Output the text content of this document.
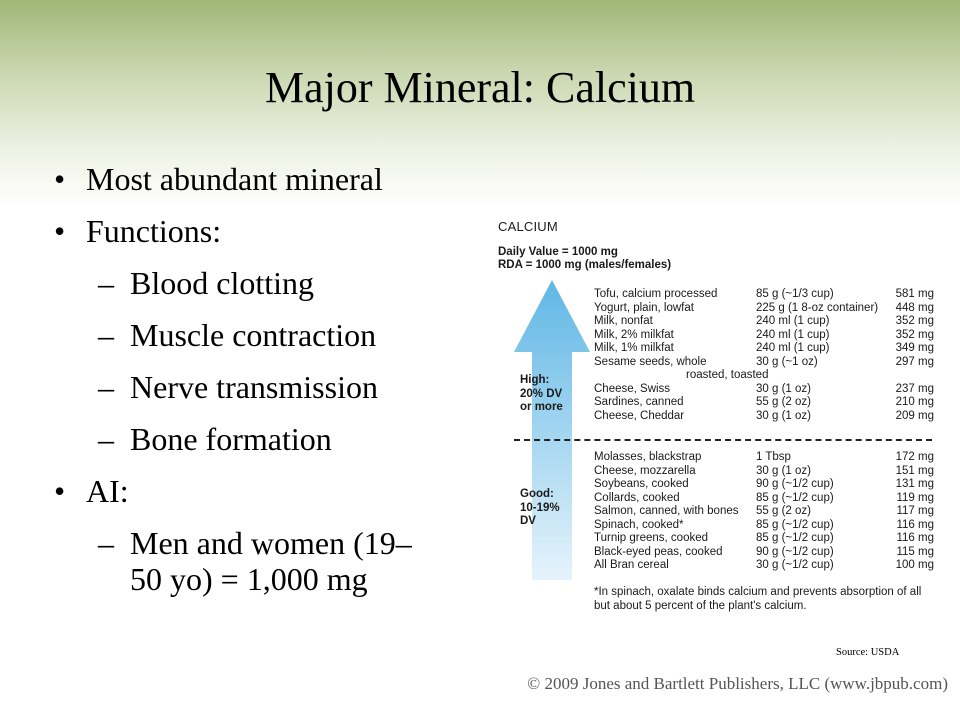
Major Mineral: Calcium
• Most abundant mineral
• Functions:
– Blood clotting
– Muscle contraction
– Nerve transmission
– Bone formation
• AI:
– Men and women (19–
50 yo) = 1,000 mg
CALCIUM
Daily Value = 1000 mg
RDA = 1000 mg (males/females)
High:
20% DV
or more
Good:
10-19%
DV
Tofu, calcium processed	85 g (~1/3 cup)	581 mg
Yogurt, plain, lowfat	225 g (1 8-oz container) 448 mg
Milk, nonfat	240 ml (1 cup)	352 mg
Milk, 2% milkfat	240 ml (1 cup)	352 mg
Milk, 1% milkfat	240 ml (1 cup)	349 mg
Sesame seeds, whole	30 g (~1 oz)	297 mg
roasted, toasted
Cheese, Swiss	30 g (1 oz)	237 mg
Sardines, canned	55 g (2 oz)	210 mg
Cheese, Cheddar	30 g (1 oz)	209 mg
Molasses, blackstrap	1 Tbsp	172 mg
Cheese, mozzarella	30 g (1 oz)	151 mg
Soybeans, cooked	90 g (~1/2 cup)	131 mg
Collards, cooked	85 g (~1/2 cup)	119 mg
Salmon, canned, with bones 55 g (2 oz)	117 mg
Spinach, cooked*	85 g (~1/2 cup)	116 mg
Turnip greens, cooked	85 g (~1/2 cup)	116 mg
Black-eyed peas, cooked	90 g (~1/2 cup)	115 mg
All Bran cereal	30 g (~1/2 cup)	100 mg
*In spinach, oxalate binds calcium and prevents absorption of all but about 5 percent of the plant's calcium.
Source: USDA
© 2009 Jones and Bartlett Publishers, LLC (www.jbpub.com)
